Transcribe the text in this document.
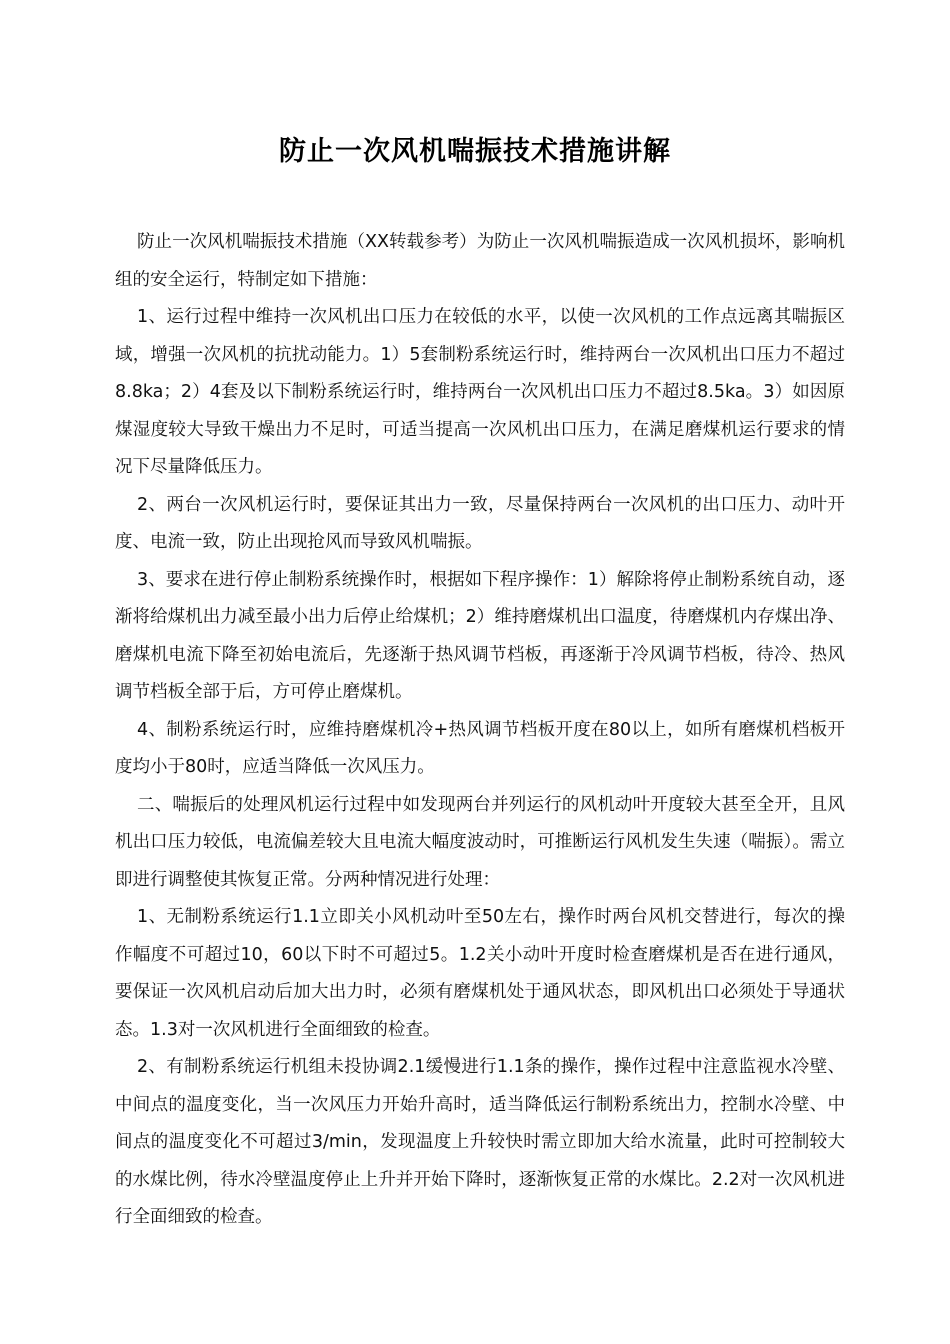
防止一次风机喘振技术措施讲解

防止一次风机喘振技术措施（XX转载参考）为防止一次风机喘振造成一次风机损坏，影响机组的安全运行，特制定如下措施：

1、运行过程中维持一次风机出口压力在较低的水平，以使一次风机的工作点远离其喘振区域，增强一次风机的抗扰动能力。1）5套制粉系统运行时，维持两台一次风机出口压力不超过8.8ka；2）4套及以下制粉系统运行时，维持两台一次风机出口压力不超过8.5ka。3）如因原煤湿度较大导致干燥出力不足时，可适当提高一次风机出口压力，在满足磨煤机运行要求的情况下尽量降低压力。

2、两台一次风机运行时，要保证其出力一致，尽量保持两台一次风机的出口压力、动叶开度、电流一致，防止出现抢风而导致风机喘振。

3、要求在进行停止制粉系统操作时，根据如下程序操作：1）解除将停止制粉系统自动，逐渐将给煤机出力减至最小出力后停止给煤机；2）维持磨煤机出口温度，待磨煤机内存煤出净、磨煤机电流下降至初始电流后，先逐渐于热风调节档板，再逐渐于冷风调节档板，待冷、热风调节档板全部于后，方可停止磨煤机。

4、制粉系统运行时，应维持磨煤机冷+热风调节档板开度在80以上，如所有磨煤机档板开度均小于80时，应适当降低一次风压力。

二、喘振后的处理风机运行过程中如发现两台并列运行的风机动叶开度较大甚至全开，且风机出口压力较低，电流偏差较大且电流大幅度波动时，可推断运行风机发生失速（喘振）。需立即进行调整使其恢复正常。分两种情况进行处理：

1、无制粉系统运行1.1立即关小风机动叶至50左右，操作时两台风机交替进行，每次的操作幅度不可超过10，60以下时不可超过5。1.2关小动叶开度时检查磨煤机是否在进行通风，要保证一次风机启动后加大出力时，必须有磨煤机处于通风状态，即风机出口必须处于导通状态。1.3对一次风机进行全面细致的检查。

2、有制粉系统运行机组未投协调2.1缓慢进行1.1条的操作，操作过程中注意监视水冷壁、中间点的温度变化，当一次风压力开始升高时，适当降低运行制粉系统出力，控制水冷壁、中间点的温度变化不可超过3/min，发现温度上升较快时需立即加大给水流量，此时可控制较大的水煤比例，待水冷壁温度停止上升并开始下降时，逐渐恢复正常的水煤比。2.2对一次风机进行全面细致的检查。
